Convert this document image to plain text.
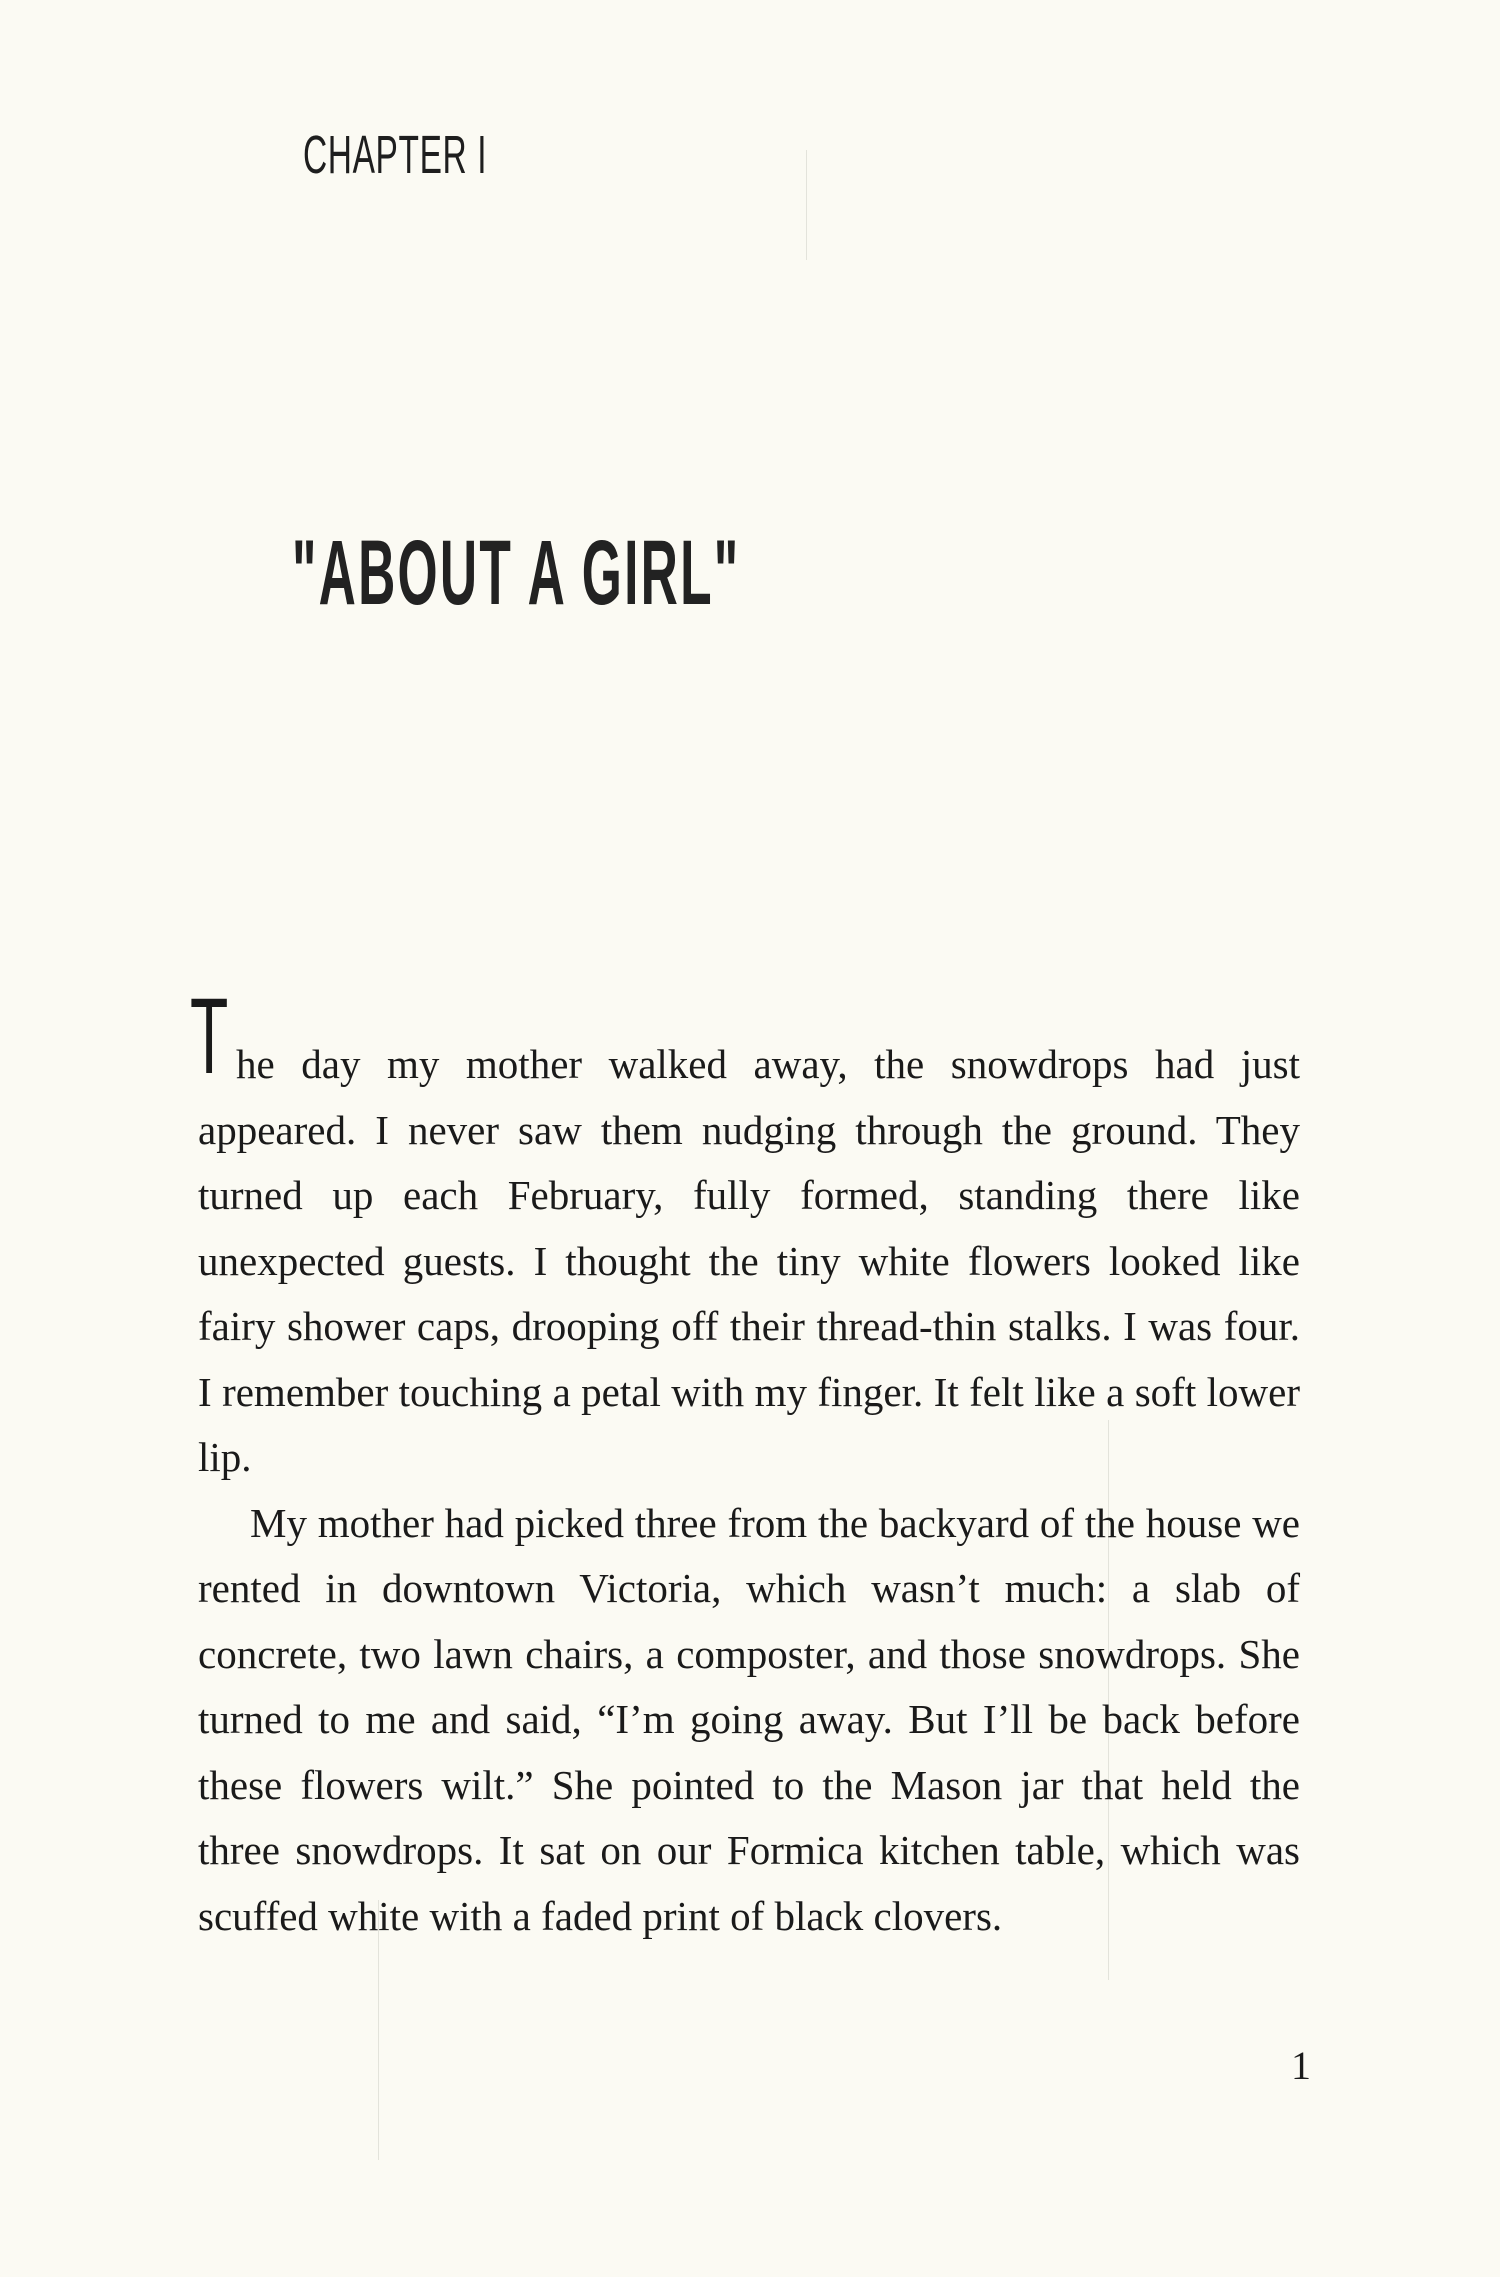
CHAPTER I
"ABOUT A GIRL"
T he day my mother walked away, the snowdrops had just appeared. I never saw them nudging through the ground. They turned up each February, fully formed, standing there like unexpected guests. I thought the tiny white flowers looked like fairy shower caps, drooping off their thread-thin stalks. I was four. I remember touching a petal with my finger. It felt like a soft lower lip.

My mother had picked three from the backyard of the house we rented in downtown Victoria, which wasn’t much: a slab of concrete, two lawn chairs, a composter, and those snowdrops. She turned to me and said, “I’m going away. But I’ll be back before these flowers wilt.” She pointed to the Mason jar that held the three snowdrops. It sat on our Formica kitchen table, which was scuffed white with a faded print of black clovers.

1
